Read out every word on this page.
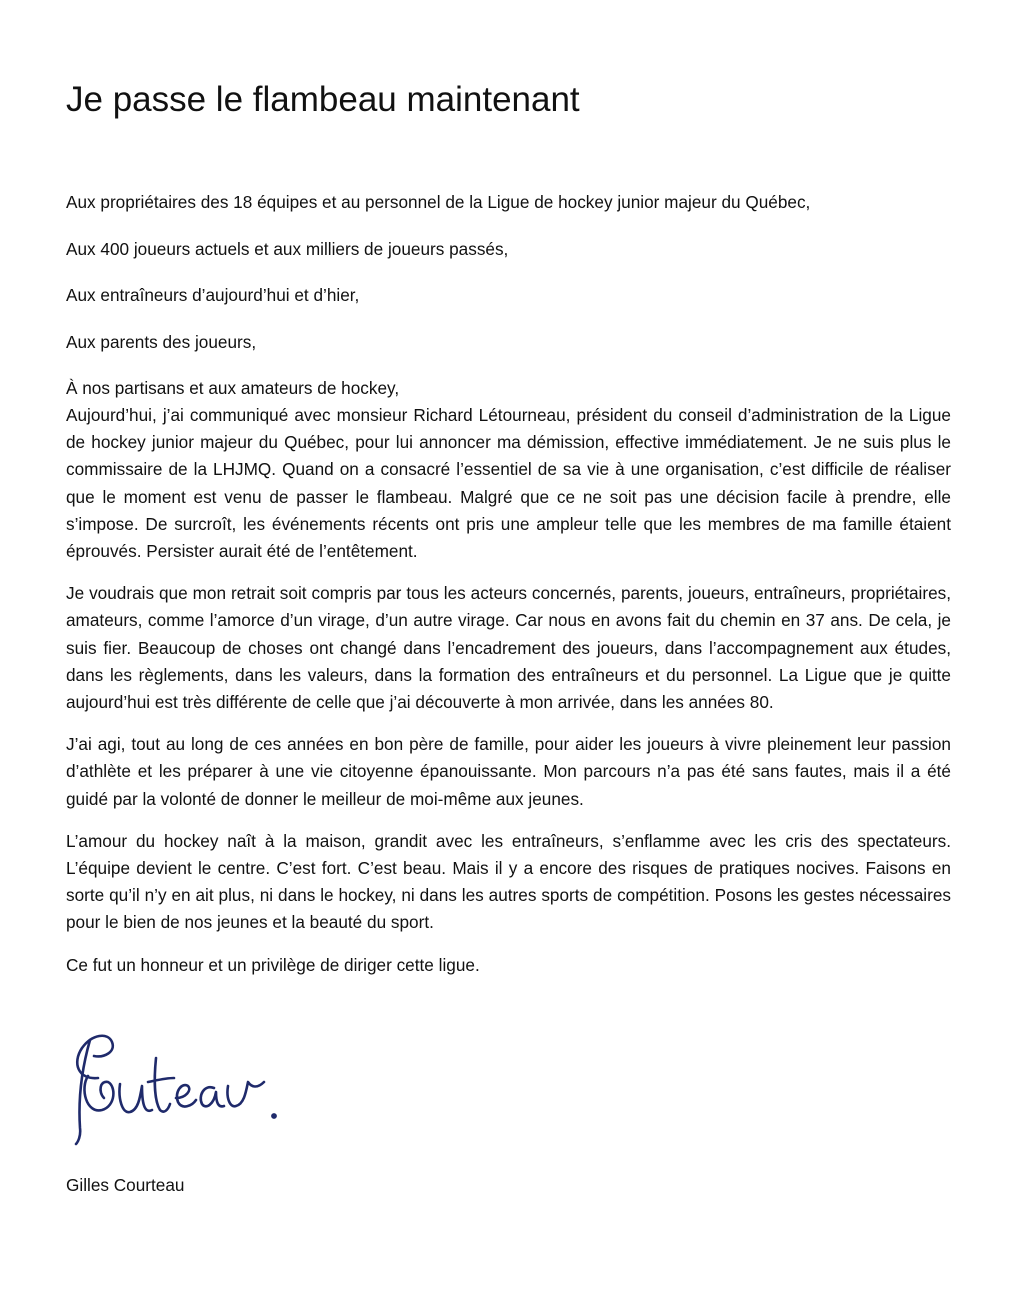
Je passe le flambeau maintenant

Aux propriétaires des 18 équipes et au personnel de la Ligue de hockey junior majeur du Québec,

Aux 400 joueurs actuels et aux milliers de joueurs passés,

Aux entraîneurs d’aujourd’hui et d’hier,

Aux parents des joueurs,

À nos partisans et aux amateurs de hockey,

Aujourd’hui, j’ai communiqué avec monsieur Richard Létourneau, président du conseil d’administration de la Ligue de hockey junior majeur du Québec, pour lui annoncer ma démission, effective immédiatement. Je ne suis plus le commissaire de la LHJMQ. Quand on a consacré l’essentiel de sa vie à une organisation, c’est difficile de réaliser que le moment est venu de passer le flambeau. Malgré que ce ne soit pas une décision facile à prendre, elle s’impose. De surcroît, les événements récents ont pris une ampleur telle que les membres de ma famille étaient éprouvés. Persister aurait été de l’entêtement.

Je voudrais que mon retrait soit compris par tous les acteurs concernés, parents, joueurs, entraîneurs, propriétaires, amateurs, comme l’amorce d’un virage, d’un autre virage. Car nous en avons fait du chemin en 37 ans. De cela, je suis fier. Beaucoup de choses ont changé dans l’encadrement des joueurs, dans l’accompagnement aux études, dans les règlements, dans les valeurs, dans la formation des entraîneurs et du personnel. La Ligue que je quitte aujourd’hui est très différente de celle que j’ai découverte à mon arrivée, dans les années 80.

J’ai agi, tout au long de ces années en bon père de famille, pour aider les joueurs à vivre pleinement leur passion d’athlète et les préparer à une vie citoyenne épanouissante. Mon parcours n’a pas été sans fautes, mais il a été guidé par la volonté de donner le meilleur de moi-même aux jeunes.

L’amour du hockey naît à la maison, grandit avec les entraîneurs, s’enflamme avec les cris des spectateurs. L’équipe devient le centre. C’est fort. C’est beau. Mais il y a encore des risques de pratiques nocives. Faisons en sorte qu’il n’y en ait plus, ni dans le hockey, ni dans les autres sports de compétition. Posons les gestes nécessaires pour le bien de nos jeunes et la beauté du sport.

Ce fut un honneur et un privilège de diriger cette ligue.

Gilles Courteau
